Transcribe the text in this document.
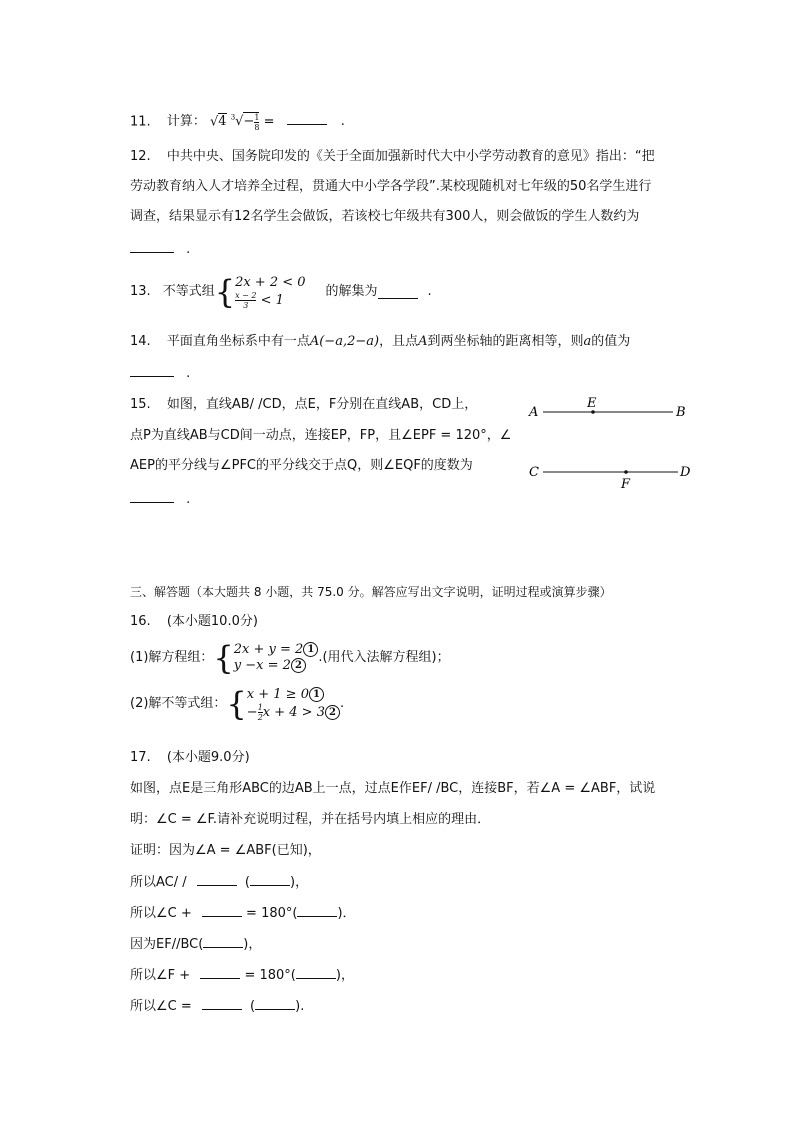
11. 计算： √4 $^3√ - \frac{1}{8}$ =	.
12. 中共中央、国务院印发的《关于全面加强新时代大中小学劳动教育的意见》指出：“把
劳动教育纳入人才培养全过程，贯通大中小学各学段”.某校现随机对七年级的50名学生进行
调查，结果显示有12名学生会做饭，若该校七年级共有300人，则会做饭的学生人数约为
.
13. 不等式组 { 2x + 2 < 0
$\frac{x - 2}{3} < 1$
的解集为	.
14. 平面直角坐标系中有一点A(−a,2−a)，且点A到两坐标轴的距离相等，则a的值为
.
15. 如图，直线AB/ /CD，点E，F分别在直线AB，CD上，
点P为直线AB与CD间一动点，连接EP，FP，且∠EPF = 120°，∠
AEP的平分线与∠PFC的平分线交于点Q，则∠EQF的度数为
.
A	B
E
C	D
F
三、解答题（本大题共 8 小题，共 75.0 分。解答应写出文字说明，证明过程或演算步骤）
16. (本小题10.0分)
(1)解方程组： { 2x + y = 2 1
y −x = 2 2
.(用代入法解方程组)；
(2)解不等式组： { x + 1 ≥ 0 1
− $\frac{1}{2}$ x + 4 > 3 2
.
17. (本小题9.0分)
如图，点E是三角形ABC的边AB上一点，过点E作EF/ /BC，连接BF，若∠A = ∠ABF，试说
明：∠C = ∠F.请补充说明过程，并在括号内填上相应的理由．
证明：因为∠A = ∠ABF(已知)，
所以AC/ /	(	)，
所以∠C +	= 180°(	)．
因为EF//BC(	)，
所以∠F +	= 180°(	)，
所以∠C =	(	).
